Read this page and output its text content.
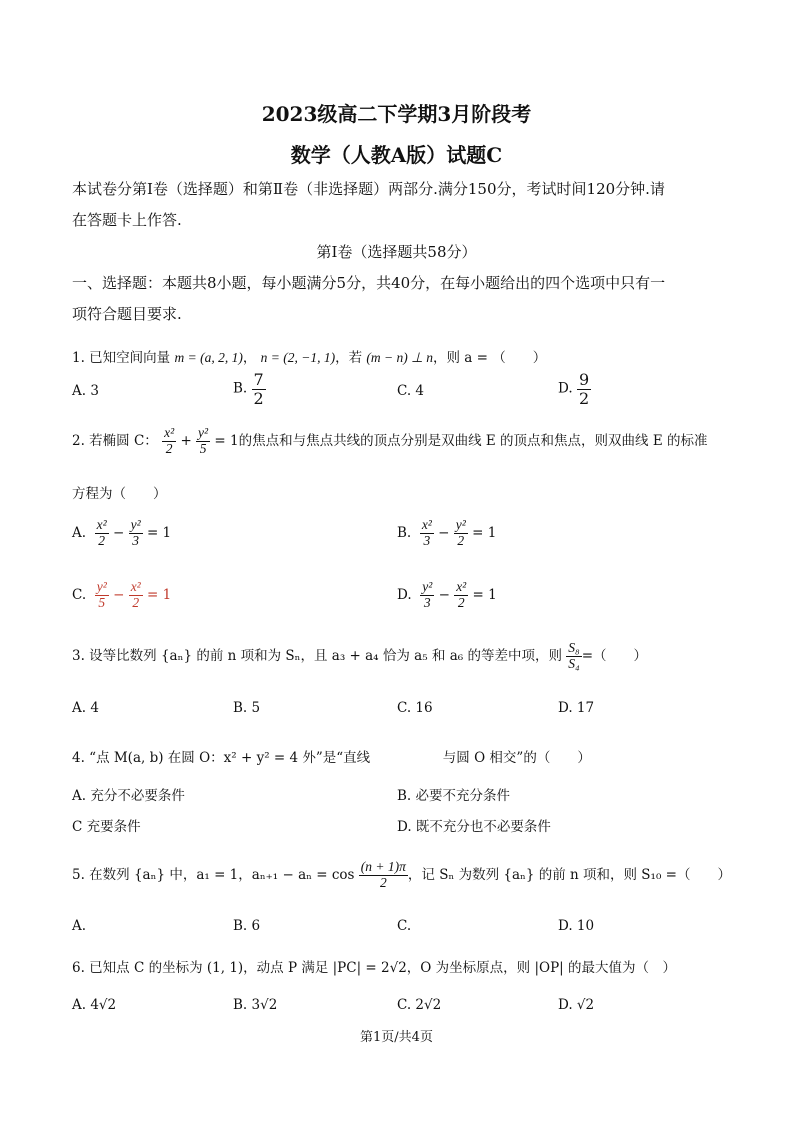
2023级高二下学期3月阶段考
数学（人教A版）试题C
本试卷分第Ⅰ卷（选择题）和第Ⅱ卷（非选择题）两部分.满分150分，考试时间120分钟.请
在答题卡上作答.
第Ⅰ卷（选择题共58分）
一、选择题：本题共8小题，每小题满分5分，共40分，在每小题给出的四个选项中只有一
项符合题目要求.
1. 已知空间向量 m = (a, 2, 1)， n = (2, −1, 1)，若 (m − n) ⊥ n，则 a = （　　）
A. 3	B. $\frac{7}{2}$	C. 4	D. $\frac{9}{2}$
2. 若椭圆 C： $\frac{\text{x²}}{2} + \frac{\text{y²}}{5} = 1$的焦点和与焦点共线的顶点分别是双曲线 E 的顶点和焦点，则双曲线 E 的标准
方程为（　　）
A. $\frac{\text{x²}}{2} - \frac{\text{y²}}{3} = 1$	B. $\frac{\text{x²}}{3} - \frac{\text{y²}}{2} = 1$
C. $\frac{\text{y²}}{5} - \frac{\text{x²}}{2} = 1$	D. $\frac{\text{y²}}{3} - \frac{\text{x²}}{2} = 1$
3. 设等比数列 {aₙ} 的前 n 项和为 Sₙ，且 a₃ + a₄ 恰为 a₅ 和 a₆ 的等差中项，则 $\frac{\text{S₈}}{\text{S₄}}$ =（　　）
A. 4	B. 5	C. 16	D. 17
4. “点 M(a, b) 在圆 O：x² + y² = 4 外”是“直线	与圆 O 相交”的（　　）
A. 充分不必要条件	B. 必要不充分条件
C 充要条件	D. 既不充分也不必要条件
5. 在数列 {aₙ} 中，a₁ = 1，$a_{n+1} - a_n = \cos \frac{(n + 1)\pi}{2}$ ，记 Sₙ 为数列 {aₙ} 的前 n 项和，则 S₁₀ =（　　）
A.	B. 6	C.	D. 10
6. 已知点 C 的坐标为 (1, 1)，动点 P 满足 |PC| = 2√2，O 为坐标原点，则 |OP| 的最大值为（　）
A. 4√2	B. 3√2	C. 2√2	D. √2
第1页/共4页
